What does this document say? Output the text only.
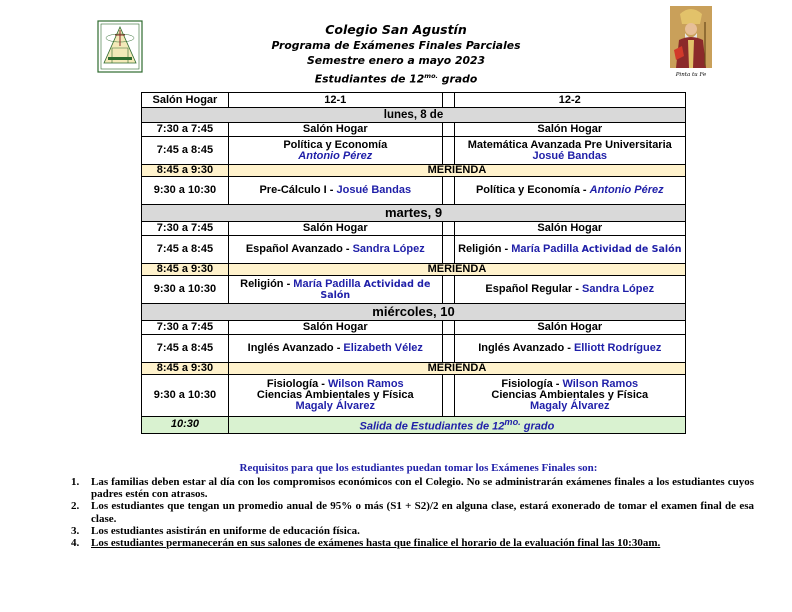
Pinta tu Fe
Colegio San Agustín
Programa de Exámenes Finales Parciales
Semestre enero a mayo 2023
Estudiantes de $12^{mo.}$ grado
Salón Hogar	12-1		12-2
lunes, 8 de			
7:30 a 7:45	Salón Hogar		Salón Hogar
7:45 a 8:45	Política y Economía
Antonio Pérez		Matemática Avanzada Pre Universitaria
Josué Bandas
8:45 a 9:30	MERIENDA		
9:30 a 10:30	Pre-Cálculo I - Josué Bandas		Política y Economía - Antonio Pérez
martes, 9			
7:30 a 7:45	Salón Hogar		Salón Hogar
7:45 a 8:45	Español Avanzado - Sandra López		Religión - María Padilla Actividad de Salón
8:45 a 9:30	MERIENDA		
9:30 a 10:30	Religión - María Padilla Actividad de Salón		Español Regular - Sandra López
miércoles, 10			
7:30 a 7:45	Salón Hogar		Salón Hogar
7:45 a 8:45	Inglés Avanzado - Elizabeth Vélez		Inglés Avanzado - Elliott Rodríguez
8:45 a 9:30	MERIENDA		
9:30 a 10:30	Fisiología - Wilson Ramos
Ciencias Ambientales y Física
Magaly Álvarez		Fisiología - Wilson Ramos
Ciencias Ambientales y Física
Magaly Álvarez
10:30	Salida de Estudiantes de $12^{mo.}$ grado		
Requisitos para que los estudiantes puedan tomar los Exámenes Finales son:
1. Las familias deben estar al día con los compromisos económicos con el Colegio. No se administrarán exámenes finales a los estudiantes cuyos padres estén con atrasos.
2. Los estudiantes que tengan un promedio anual de 95% o más (S1 + S2)/2 en alguna clase, estará exonerado de tomar el examen final de esa clase.
3. Los estudiantes asistirán en uniforme de educación física.
4. Los estudiantes permanecerán en sus salones de exámenes hasta que finalice el horario de la evaluación final las 10:30am.
